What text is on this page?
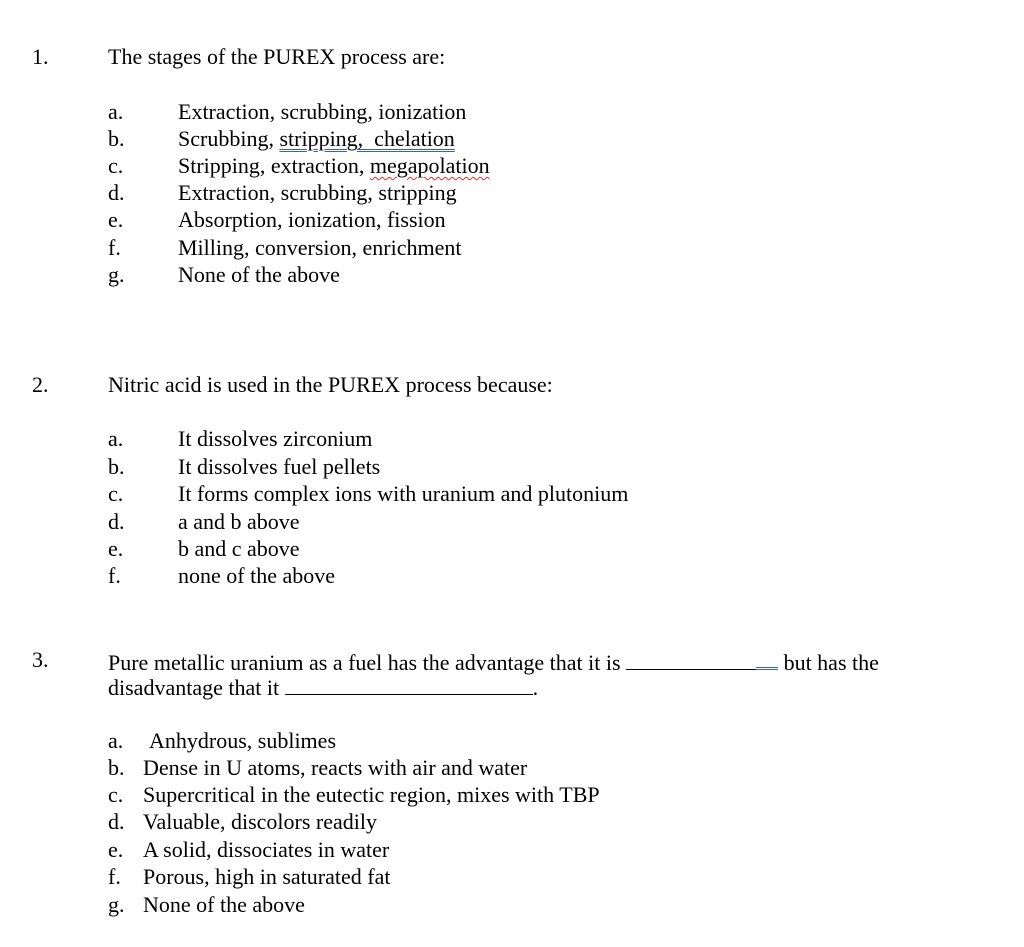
1.	The stages of the PUREX process are:
a. Extraction, scrubbing, ionization
b. Scrubbing, stripping,  chelation
c. Stripping, extraction, megapolation
d. Extraction, scrubbing, stripping
e. Absorption, ionization, fission
f.	Milling, conversion, enrichment
g. None of the above
2.	Nitric acid is used in the PUREX process because:
a. It dissolves zirconium
b. It dissolves fuel pellets
c. It forms complex ions with uranium and plutonium
d. a and b above
e. b and c above
f.	none of the above
3.	Pure metallic uranium as a fuel has the advantage that it is	but has the
disadvantage that it	.
a. Anhydrous, sublimes
b. Dense in U atoms, reacts with air and water
c. Supercritical in the eutectic region, mixes with TBP
d. Valuable, discolors readily
e. A solid, dissociates in water
f. Porous, high in saturated fat
g. None of the above
